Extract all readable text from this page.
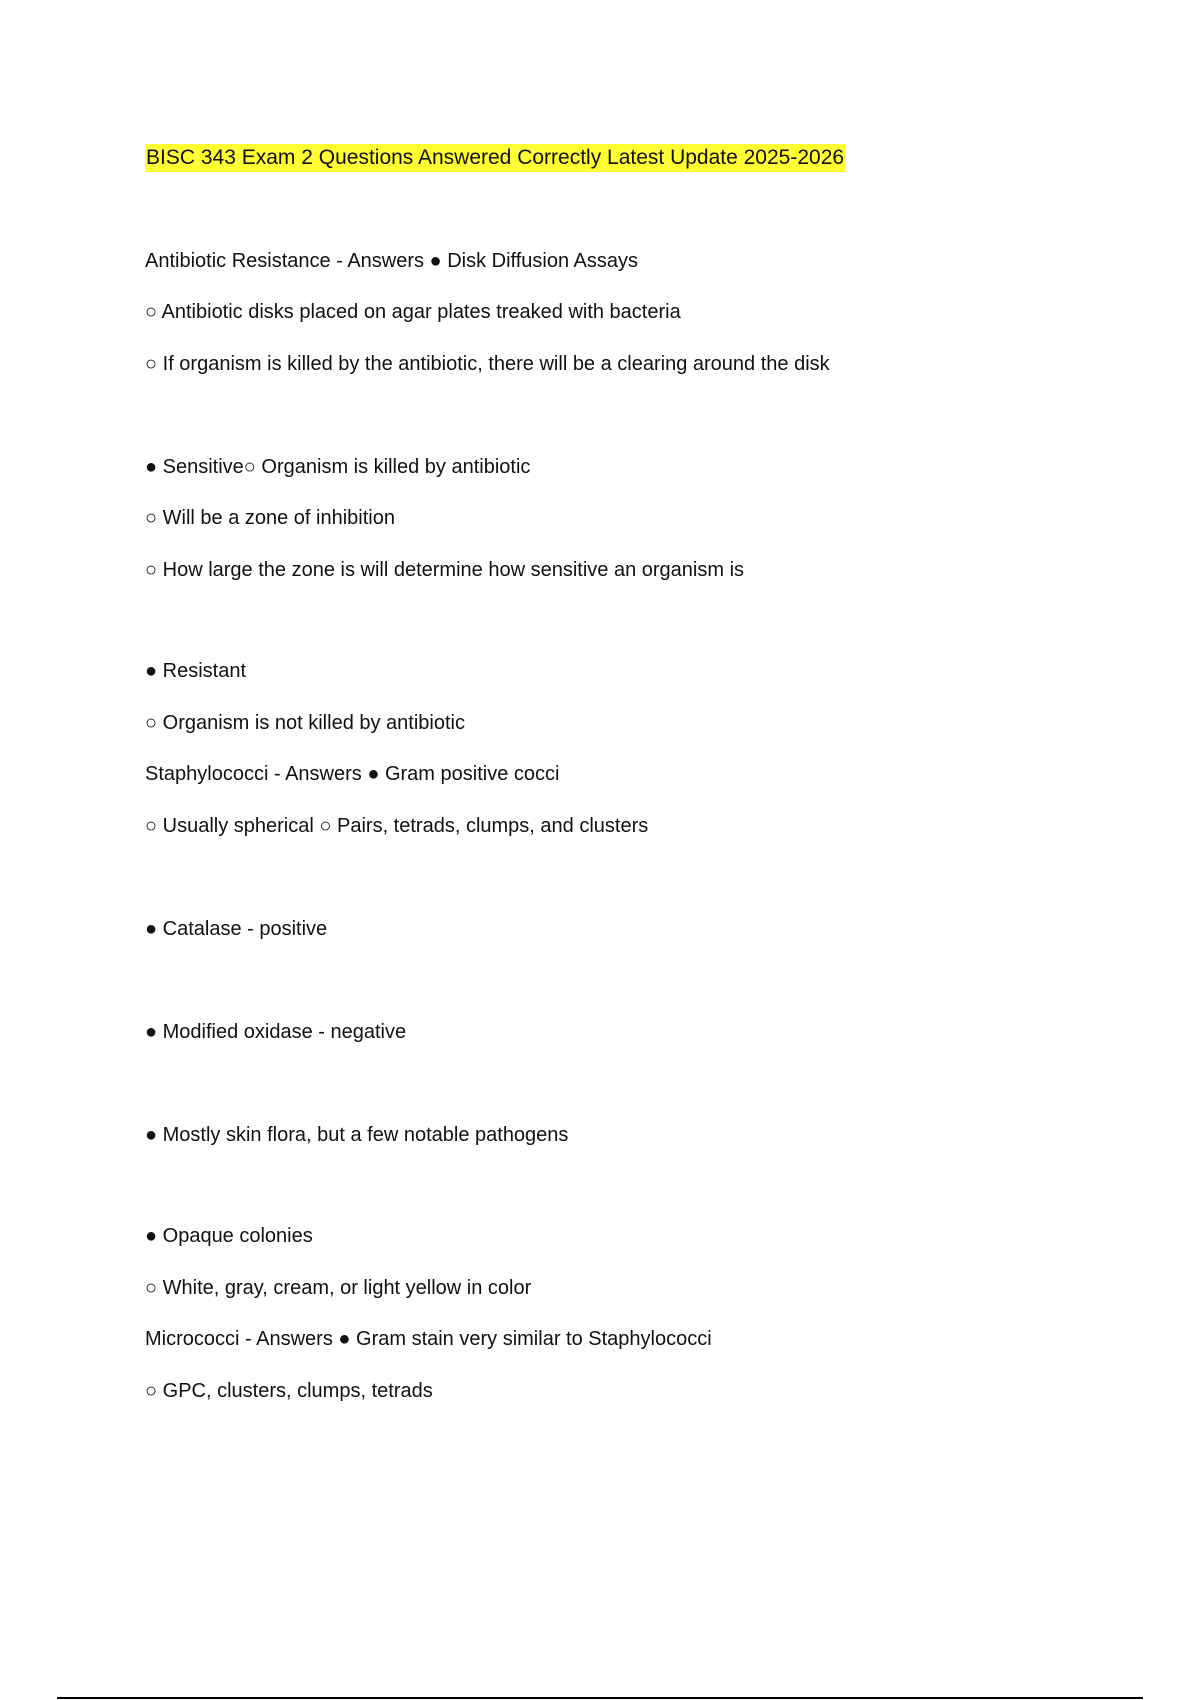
BISC 343 Exam 2 Questions Answered Correctly Latest Update 2025-2026
Antibiotic Resistance - Answers ● Disk Diffusion Assays
○ Antibiotic disks placed on agar plates treaked with bacteria
○ If organism is killed by the antibiotic, there will be a clearing around the disk
● Sensitive○ Organism is killed by antibiotic
○ Will be a zone of inhibition
○ How large the zone is will determine how sensitive an organism is
● Resistant
○ Organism is not killed by antibiotic
Staphylococci - Answers ● Gram positive cocci
○ Usually spherical ○ Pairs, tetrads, clumps, and clusters
● Catalase - positive
● Modified oxidase - negative
● Mostly skin flora, but a few notable pathogens
● Opaque colonies
○ White, gray, cream, or light yellow in color
Micrococci - Answers ● Gram stain very similar to Staphylococci
○ GPC, clusters, clumps, tetrads
